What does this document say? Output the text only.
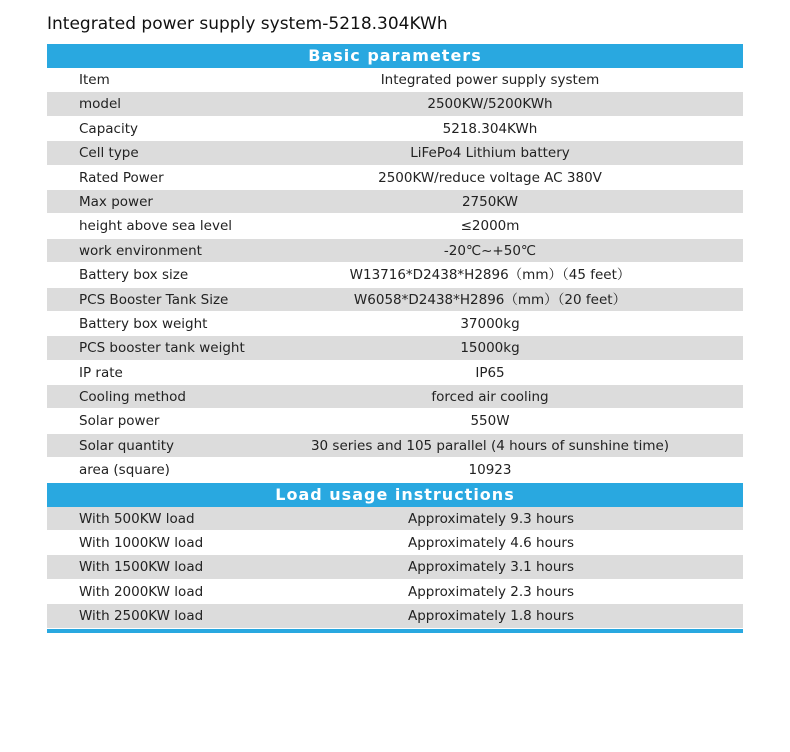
Integrated power supply system-5218.304KWh
Basic parameters
Item	Integrated power supply system
model	2500KW/5200KWh
Capacity	5218.304KWh
Cell type	LiFePo4 Lithium battery
Rated Power	2500KW/reduce voltage AC 380V
Max power	2750KW
height above sea level	≤2000m
work environment	-20℃~+50℃
Battery box size	W13716*D2438*H2896（mm）（45 feet）
PCS Booster Tank Size	W6058*D2438*H2896（mm）（20 feet）
Battery box weight	37000kg
PCS booster tank weight	15000kg
IP rate	IP65
Cooling method	forced air cooling
Solar power	550W
Solar quantity	30 series and 105 parallel (4 hours of sunshine time)
area (square)	10923
Load usage instructions
With 500KW load	Approximately 9.3 hours
With 1000KW load	Approximately 4.6 hours
With 1500KW load	Approximately 3.1 hours
With 2000KW load	Approximately 2.3 hours
With 2500KW load	Approximately 1.8 hours
